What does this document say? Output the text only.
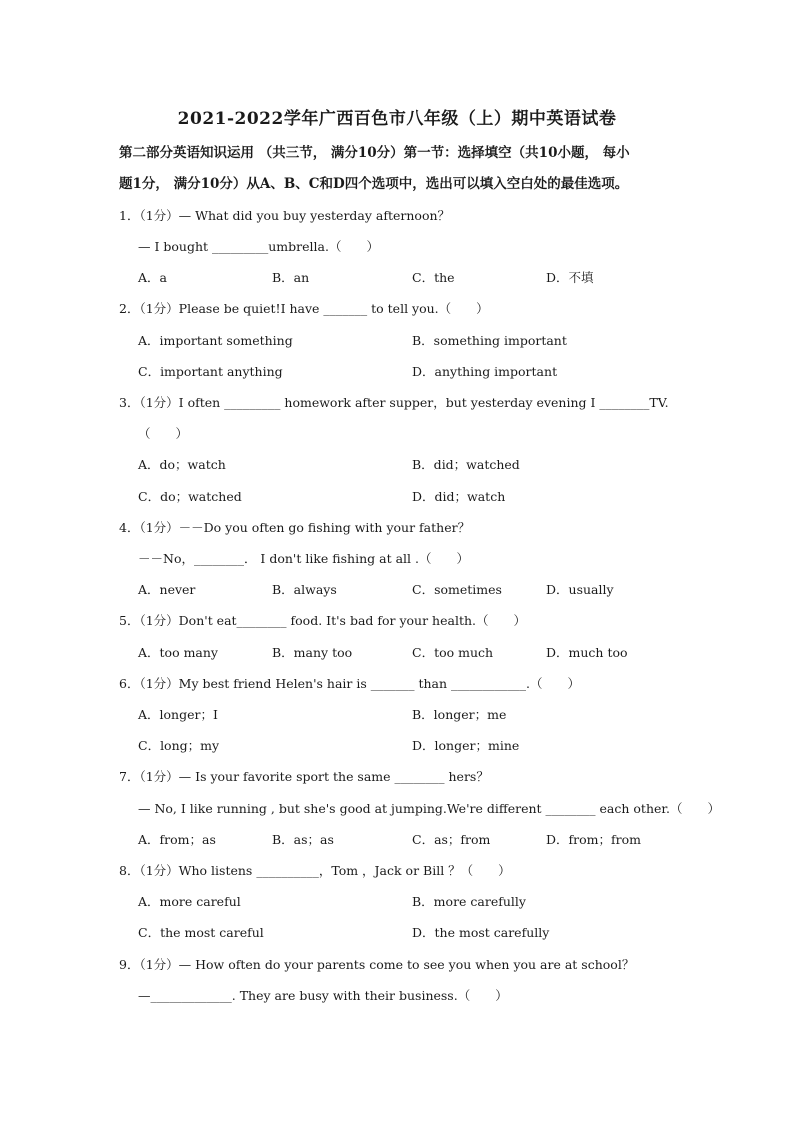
2021-2022学年广西百色市八年级（上）期中英语试卷
第二部分英语知识运用 （共三节， 满分10分）第一节：选择填空（共10小题， 每小
题1分， 满分10分）从A、B、C和D四个选项中，选出可以填入空白处的最佳选项。
1．（1分）— What did you buy yesterday afternoon？
— I bought _________umbrella.（　　）
A．a	B．an	C．the	D．不填
2．（1分）Please be quiet!I have _______ to tell you.（　　）
A．important something	B．something important
C．important anything	D．anything important
3．（1分）I often _________ homework after supper，but yesterday evening I ________TV.
（　　）
A．do；watch	B．did；watched
C．do；watched	D．did；watch
4．（1分）－－Do you often go fishing with your father？
－－No，________． I don't like fishing at all .（　　）
A．never	B．always	C．sometimes	D．usually
5．（1分）Don't eat________ food. It's bad for your health.（　　）
A．too many	B．many too	C．too much	D．much too
6．（1分）My best friend Helen's hair is _______ than ____________.（　　）
A．longer；I	B．longer；me
C．long；my	D．longer；mine
7．（1分）— Is your favorite sport the same ________ hers？
— No, I like running , but she's good at jumping.We're different ________ each other.（　　）
A．from；as	B．as；as	C．as；from	D．from；from
8．（1分）Who listens __________，Tom ，Jack or Bill ？（　　）
A．more careful	B．more carefully
C．the most careful	D．the most carefully
9．（1分）— How often do your parents come to see you when you are at school？
—_____________. They are busy with their business.（　　）
